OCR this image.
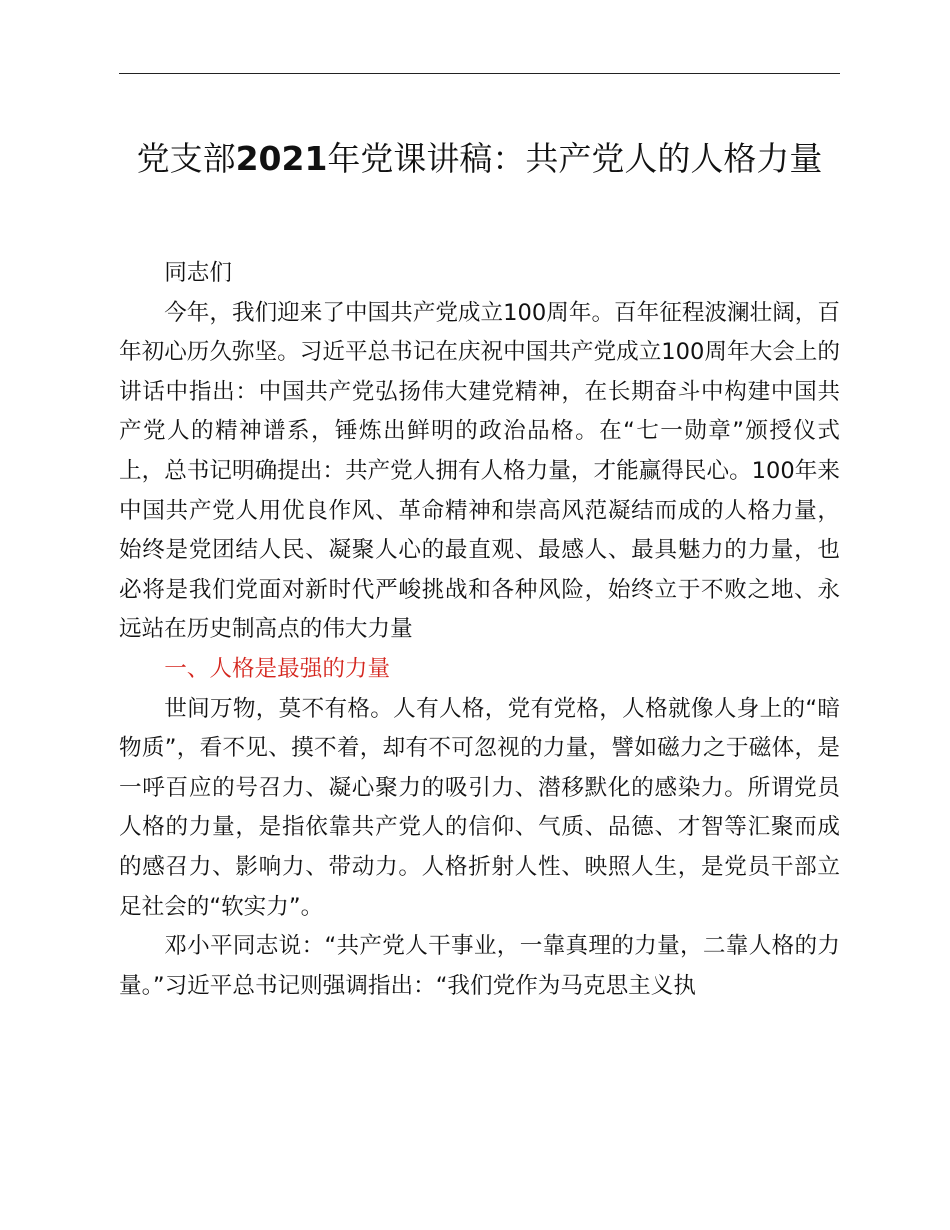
党支部2021年党课讲稿：共产党人的人格力量

同志们

今年，我们迎来了中国共产党成立100周年。百年征程波澜壮阔，百年初心历久弥坚。习近平总书记在庆祝中国共产党成立100周年大会上的讲话中指出：中国共产党弘扬伟大建党精神，在长期奋斗中构建中国共产党人的精神谱系，锤炼出鲜明的政治品格。在“七一勋章”颁授仪式上，总书记明确提出：共产党人拥有人格力量，才能赢得民心。100年来中国共产党人用优良作风、革命精神和崇高风范凝结而成的人格力量，始终是党团结人民、凝聚人心的最直观、最感人、最具魅力的力量，也必将是我们党面对新时代严峻挑战和各种风险，始终立于不败之地、永远站在历史制高点的伟大力量

一、人格是最强的力量

世间万物，莫不有格。人有人格，党有党格，人格就像人身上的“暗物质”，看不见、摸不着，却有不可忽视的力量，譬如磁力之于磁体，是一呼百应的号召力、凝心聚力的吸引力、潜移默化的感染力。所谓党员人格的力量，是指依靠共产党人的信仰、气质、品德、才智等汇聚而成的感召力、影响力、带动力。人格折射人性、映照人生，是党员干部立足社会的“软实力”。

邓小平同志说：“共产党人干事业，一靠真理的力量，二靠人格的力量。”习近平总书记则强调指出：“我们党作为马克思主义执
